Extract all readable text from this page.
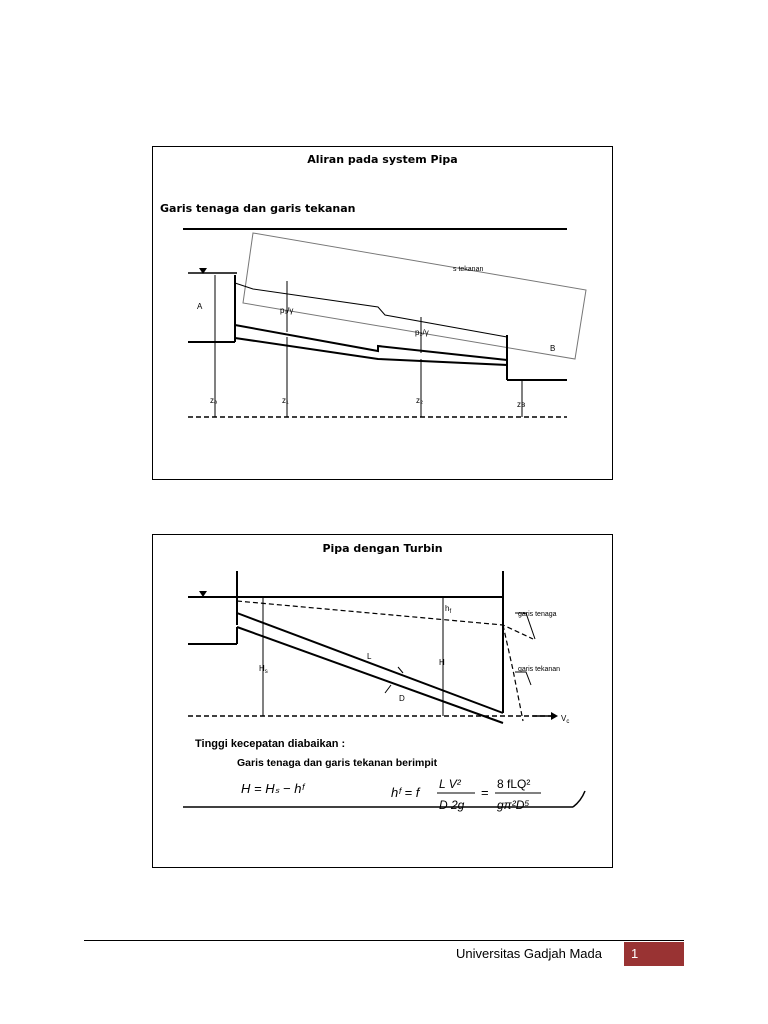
Aliran pada system Pipa
Garis tenaga dan garis tekanan
A
B
p₁/γ
p₂/γ
zₐ	z₁	z₂	zʙ
s tekanan
Pipa dengan Turbin
$h_f$	garis tenaga
garis tekanan
L
H
$H_s$
D
$V_c$
Tinggi kecepatan diabaikan :
Garis tenaga dan garis tekanan berimpit
H = Hₛ − hᶠ	hᶠ = f
L V²
D 2g
=
8 fLQ²
gπ²D⁵
Universitas Gadjah Mada	1
